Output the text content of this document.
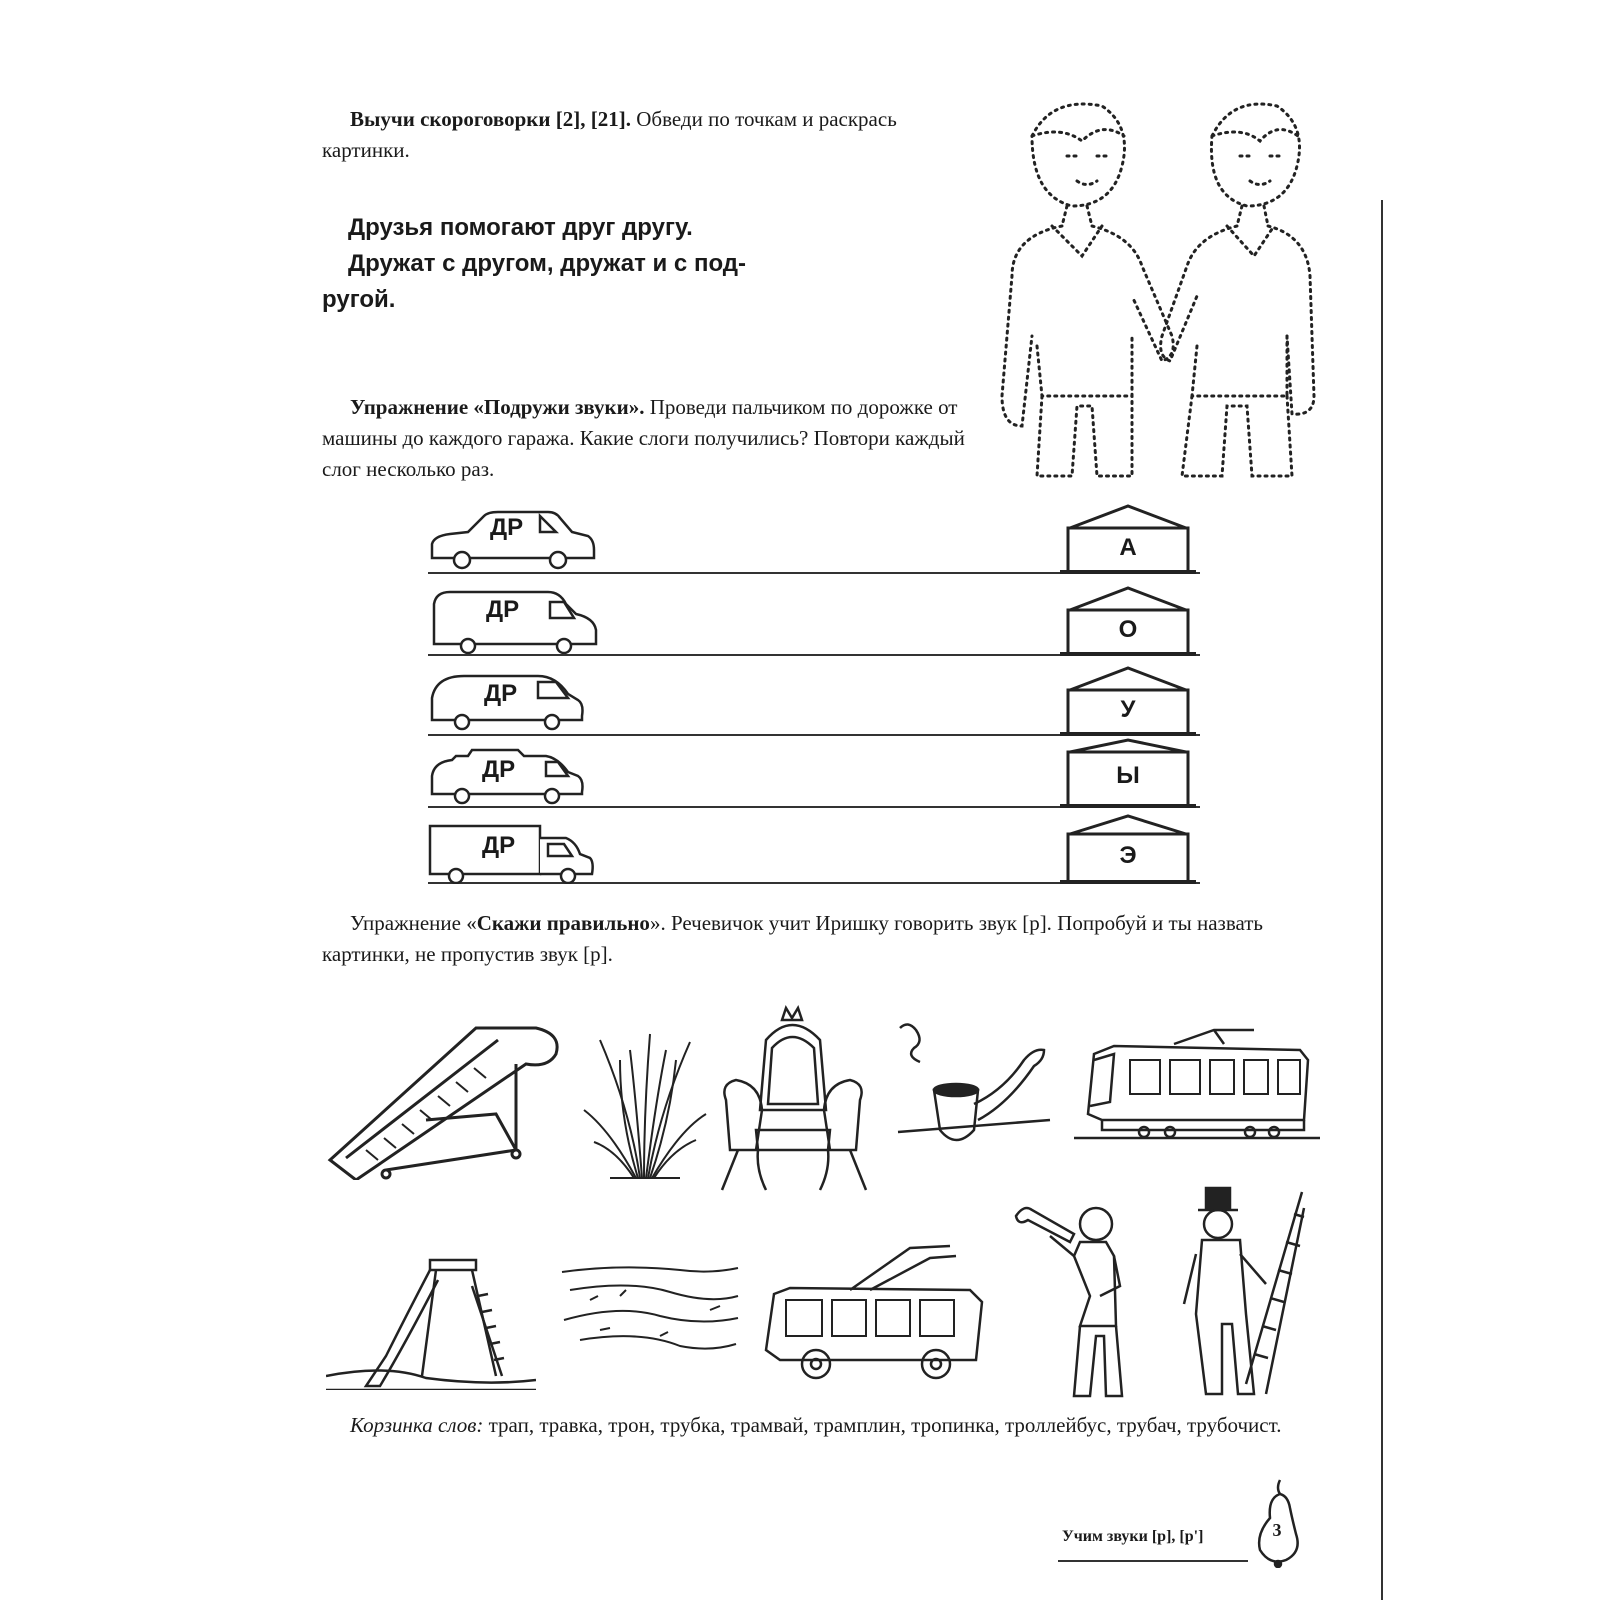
Выучи скороговорки [2], [21]. Обведи по точкам и раскрась картинки.
Друзья помогают друг другу.
Дружат с другом, дружат и с под-
ругой.
Упражнение «Подружи звуки». Проведи пальчиком по дорожке от машины до каждого гаража. Какие слоги получились? Повтори каждый слог несколько раз.
ДР
ДР
ДР
ДР
ДР
А
О
У
Ы
Э
Упражнение «Скажи правильно». Речевичок учит Иришку говорить звук [р]. Попробуй и ты назвать картинки, не пропустив звук [р].
Корзинка слов: трап, травка, трон, трубка, трамвай, трамплин, тропинка, троллейбус, трубач, трубочист.
Учим звуки [р], [р']	3
